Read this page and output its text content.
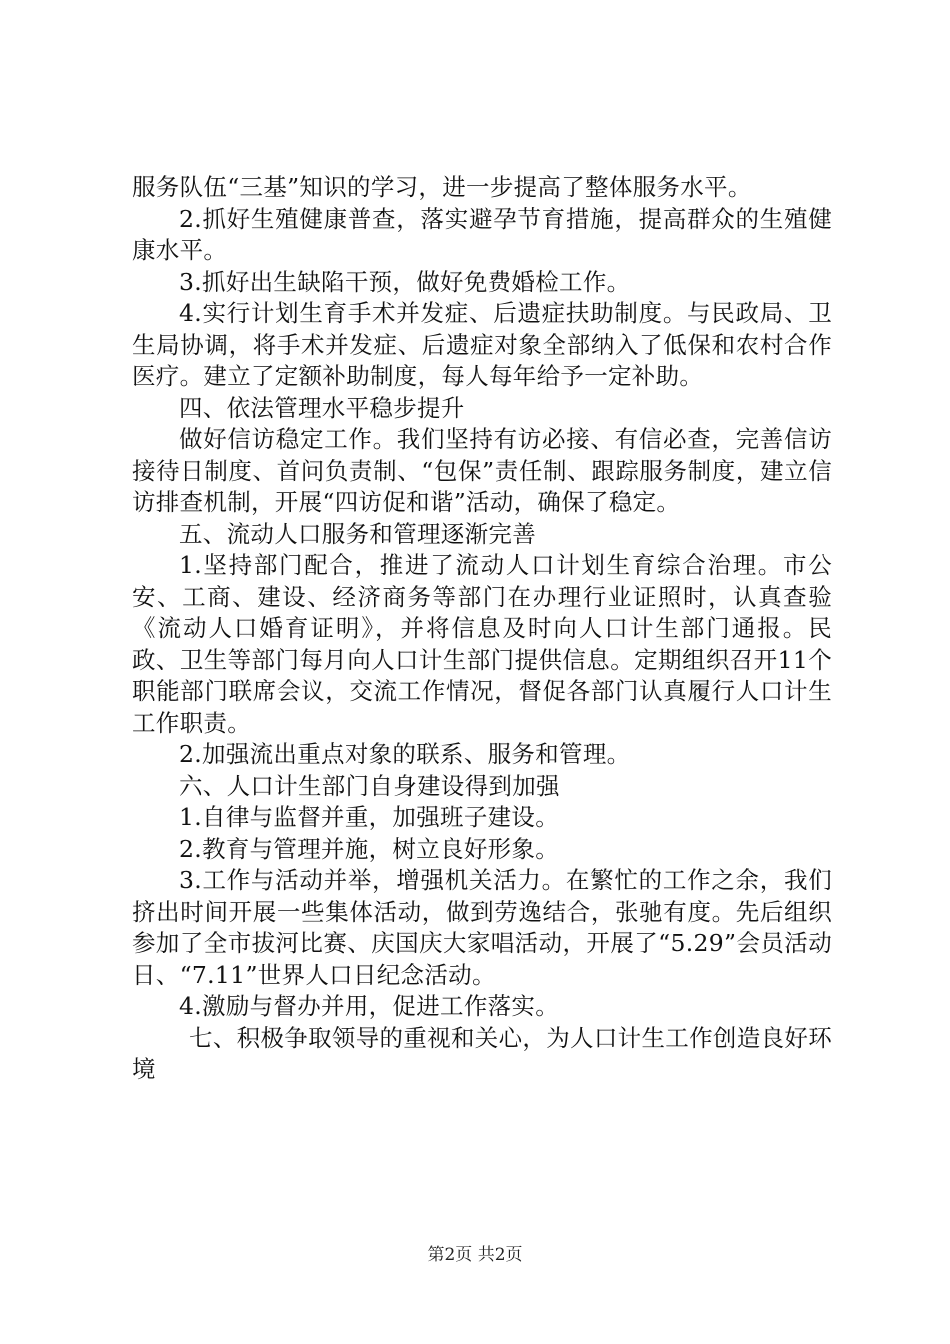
服务队伍“三基”知识的学习，进一步提高了整体服务水平。

2.抓好生殖健康普查，落实避孕节育措施，提高群众的生殖健康水平。

3.抓好出生缺陷干预，做好免费婚检工作。

4.实行计划生育手术并发症、后遗症扶助制度。与民政局、卫生局协调，将手术并发症、后遗症对象全部纳入了低保和农村合作医疗。建立了定额补助制度，每人每年给予一定补助。

四、依法管理水平稳步提升

做好信访稳定工作。我们坚持有访必接、有信必查，完善信访接待日制度、首问负责制、“包保”责任制、跟踪服务制度，建立信访排查机制，开展“四访促和谐”活动，确保了稳定。

五、流动人口服务和管理逐渐完善

1.坚持部门配合，推进了流动人口计划生育综合治理。市公安、工商、建设、经济商务等部门在办理行业证照时，认真查验《流动人口婚育证明》，并将信息及时向人口计生部门通报。民政、卫生等部门每月向人口计生部门提供信息。定期组织召开11个职能部门联席会议，交流工作情况，督促各部门认真履行人口计生工作职责。

2.加强流出重点对象的联系、服务和管理。

六、人口计生部门自身建设得到加强

1.自律与监督并重，加强班子建设。

2.教育与管理并施，树立良好形象。

3.工作与活动并举，增强机关活力。在繁忙的工作之余，我们挤出时间开展一些集体活动，做到劳逸结合，张驰有度。先后组织参加了全市拔河比赛、庆国庆大家唱活动，开展了“5.29”会员活动日、“7.11”世界人口日纪念活动。

4.激励与督办并用，促进工作落实。

七、积极争取领导的重视和关心，为人口计生工作创造良好环境

第2页 共2页
